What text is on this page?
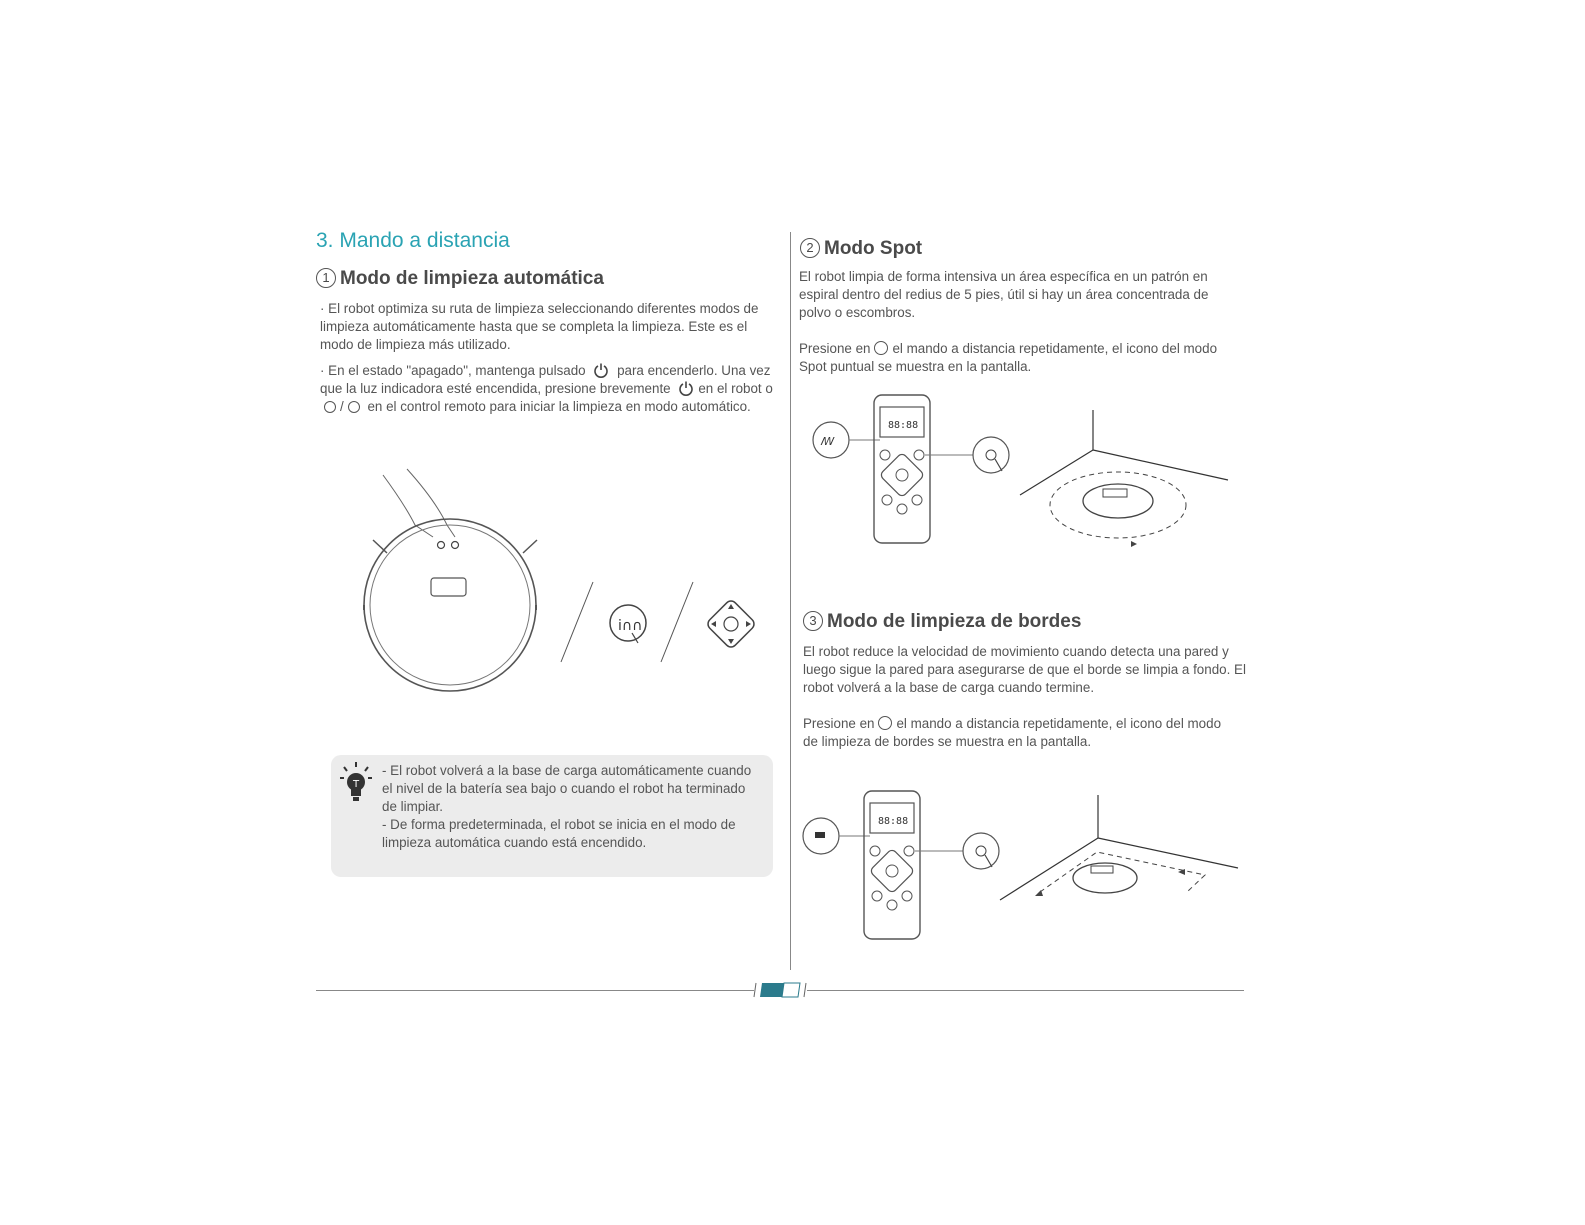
3. Mando a distancia
1 Modo de limpieza automática

· El robot optimiza su ruta de limpieza seleccionando diferentes modos de limpieza automáticamente hasta que se completa la limpieza. Este es el modo de limpieza más utilizado.

· En el estado "apagado", mantenga pulsado para encenderlo. Una vez que la luz indicadora esté encendida, presione brevemente en el robot o / en el control remoto para iniciar la limpieza en modo automático.

i∩∩
T

- El robot volverá a la base de carga automáticamente cuando el nivel de la batería sea bajo o cuando el robot ha terminado de limpiar.

- De forma predeterminada, el robot se inicia en el modo de limpieza automática cuando está encendido.

2 Modo Spot

El robot limpia de forma intensiva un área específica en un patrón en espiral dentro del redius de 5 pies, útil si hay un área concentrada de polvo o escombros.

Presione en el mando a distancia repetidamente, el icono del modo Spot puntual se muestra en la pantalla.

ꟿ
88:88
3 Modo de limpieza de bordes

El robot reduce la velocidad de movimiento cuando detecta una pared y luego sigue la pared para asegurarse de que el borde se limpia a fondo. El robot volverá a la base de carga cuando termine.

Presione en el mando a distancia repetidamente, el icono del modo de limpieza de bordes se muestra en la pantalla.

88:88
